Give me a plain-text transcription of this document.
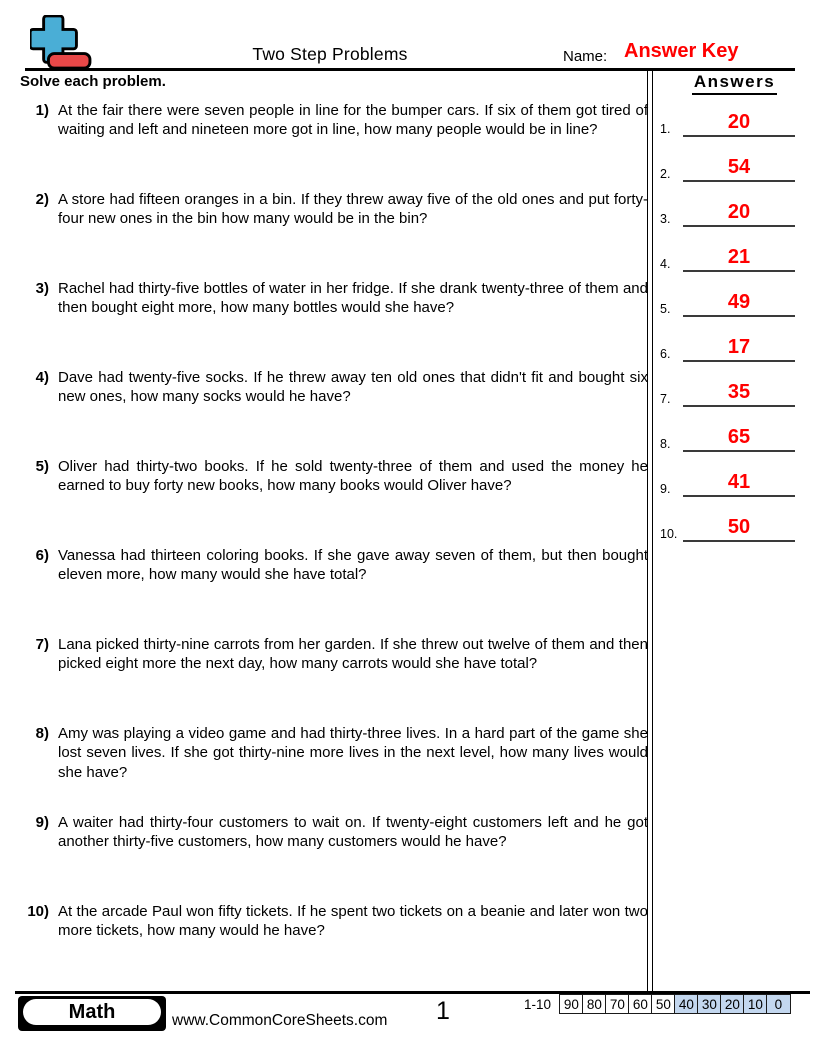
Two Step Problems	Name: Answer Key
Solve each problem.
1) At the fair there were seven people in line for the bumper cars. If six of them got tired of waiting and left and nineteen more got in line, how many people would be in line?
2) A store had fifteen oranges in a bin. If they threw away five of the old ones and put forty-four new ones in the bin how many would be in the bin?
3) Rachel had thirty-five bottles of water in her fridge. If she drank twenty-three of them and then bought eight more, how many bottles would she have?
4) Dave had twenty-five socks. If he threw away ten old ones that didn't fit and bought six new ones, how many socks would he have?
5) Oliver had thirty-two books. If he sold twenty-three of them and used the money he earned to buy forty new books, how many books would Oliver have?
6) Vanessa had thirteen coloring books. If she gave away seven of them, but then bought eleven more, how many would she have total?
7) Lana picked thirty-nine carrots from her garden. If she threw out twelve of them and then picked eight more the next day, how many carrots would she have total?
8) Amy was playing a video game and had thirty-three lives. In a hard part of the game she lost seven lives. If she got thirty-nine more lives in the next level, how many lives would she have?
9) A waiter had thirty-four customers to wait on. If twenty-eight customers left and he got another thirty-five customers, how many customers would he have?
10) At the arcade Paul won fifty tickets. If he spent two tickets on a beanie and later won two more tickets, how many would he have?
Answers
1.	20
2.	54
3.	20
4.	21
5.	49
6.	17
7.	35
8.	65
9.	41
10.	50
Math	www.CommonCoreSheets.com	1	1-10 90 80 70 60 50 40 30 20 10 0
